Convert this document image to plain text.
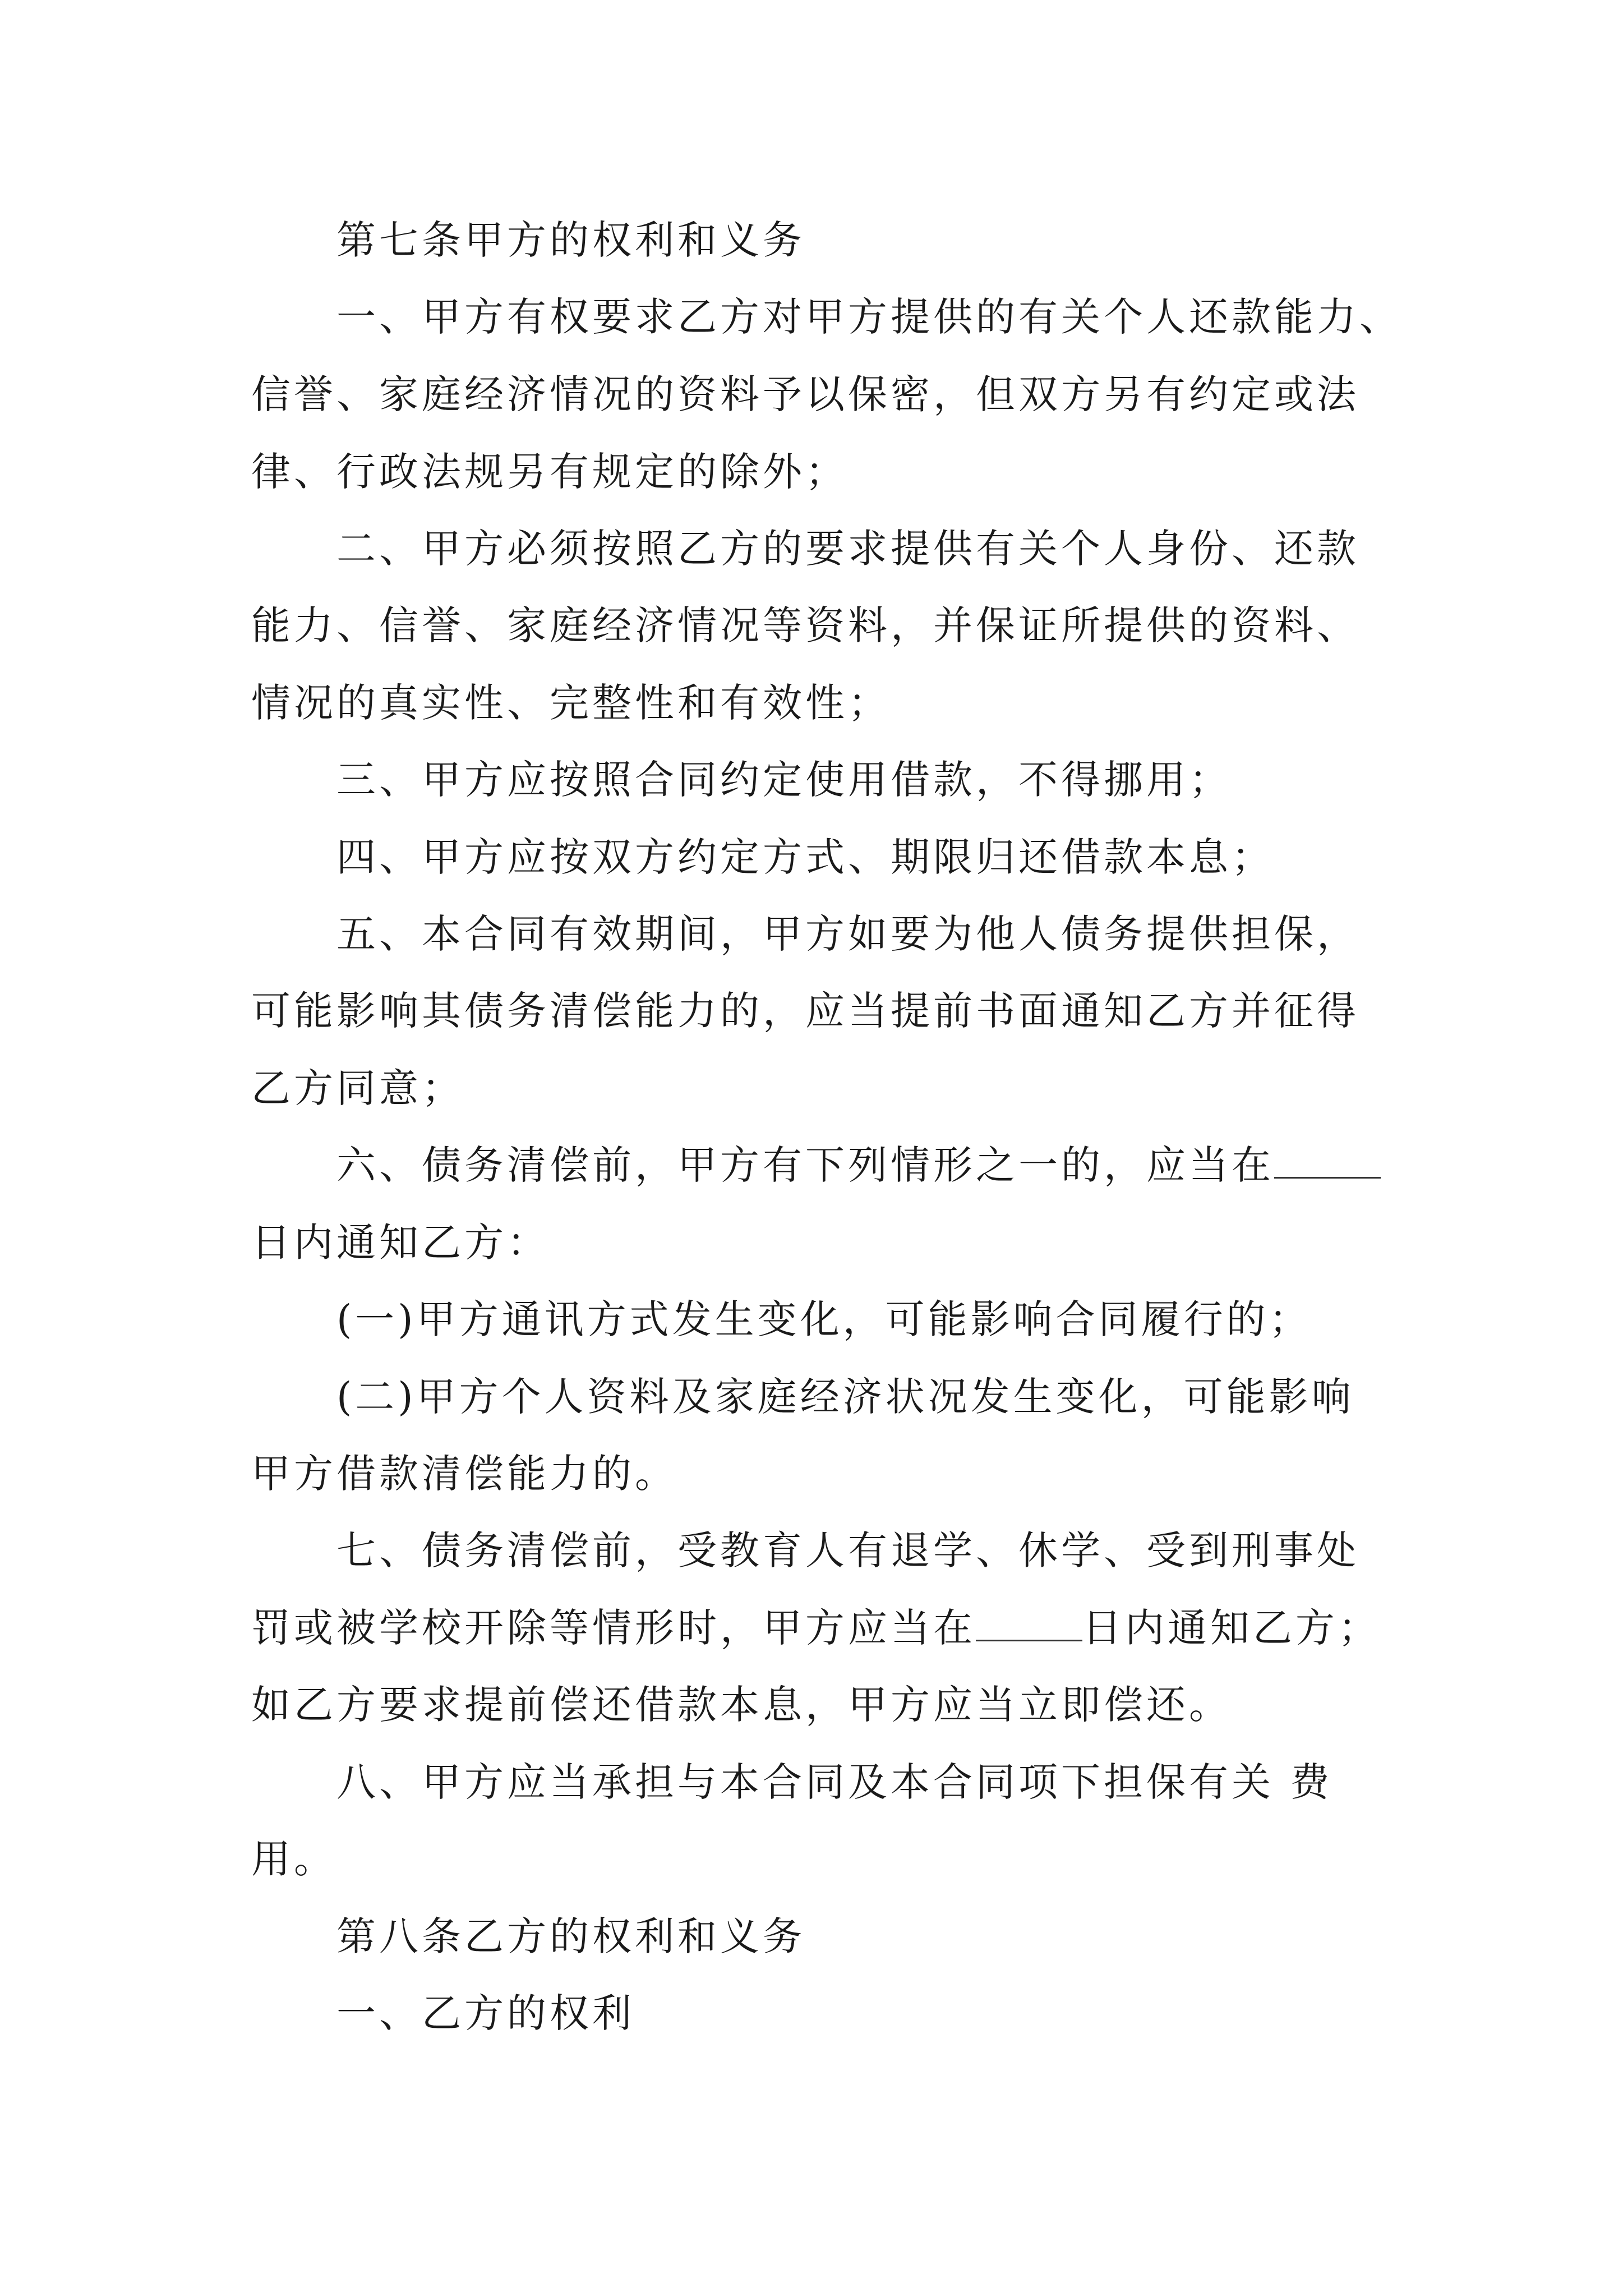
第七条甲方的权利和义务
一、甲方有权要求乙方对甲方提供的有关个人还款能力、
信誉、家庭经济情况的资料予以保密，但双方另有约定或法
律、行政法规另有规定的除外；
二、甲方必须按照乙方的要求提供有关个人身份、还款
能力、信誉、家庭经济情况等资料，并保证所提供的资料、
情况的真实性、完整性和有效性；
三、甲方应按照合同约定使用借款，不得挪用；
四、甲方应按双方约定方式、期限归还借款本息；
五、本合同有效期间，甲方如要为他人债务提供担保，
可能影响其债务清偿能力的，应当提前书面通知乙方并征得
乙方同意；
六、债务清偿前，甲方有下列情形之一的，应当在
日内通知乙方：
(一)甲方通讯方式发生变化，可能影响合同履行的；
(二)甲方个人资料及家庭经济状况发生变化，可能影响
甲方借款清偿能力的。
七、债务清偿前，受教育人有退学、休学、受到刑事处
罚或被学校开除等情形时，甲方应当在	日内通知乙方；
如乙方要求提前偿还借款本息，甲方应当立即偿还。
八、甲方应当承担与本合同及本合同项下担保有关 费
用。
第八条乙方的权利和义务
一、乙方的权利
